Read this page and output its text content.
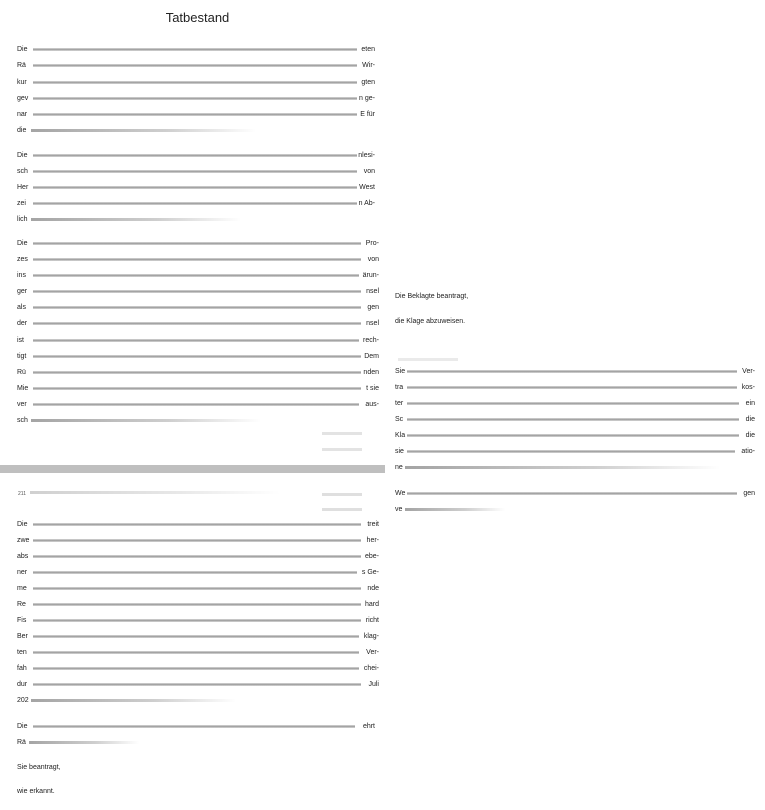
Tatbestand
Die	eten
Rä	Wir-
kur	gten
gev	n ge-
nar	E für
die
Die	nlesi-
sch	von
Her	West
zei	n Ab-
lich
Die	Pro-
zes	von
ins	ärun-
ger	nsel
als	gen
der	nsel
ist	rech-
tigt	Dem
Rü	nden
Mie	t sie
ver	aus-
sch
211
Die	treit
zwe	her-
abs	ebe-
ner	s Ge-
me	nde
Re	hard
Fis	richt
Ber	klag-
ten	Ver-
fah	chei-
dur	Juli
202
Die	ehrt
Rä
Sie beantragt,
wie erkannt.
Die Beklagte beantragt,
die Klage abzuweisen.
Sie	Ver-
tra	kos-
ter	ein
Sc	die
Kla	die
sie	atio-
ne
We	gen
ve
